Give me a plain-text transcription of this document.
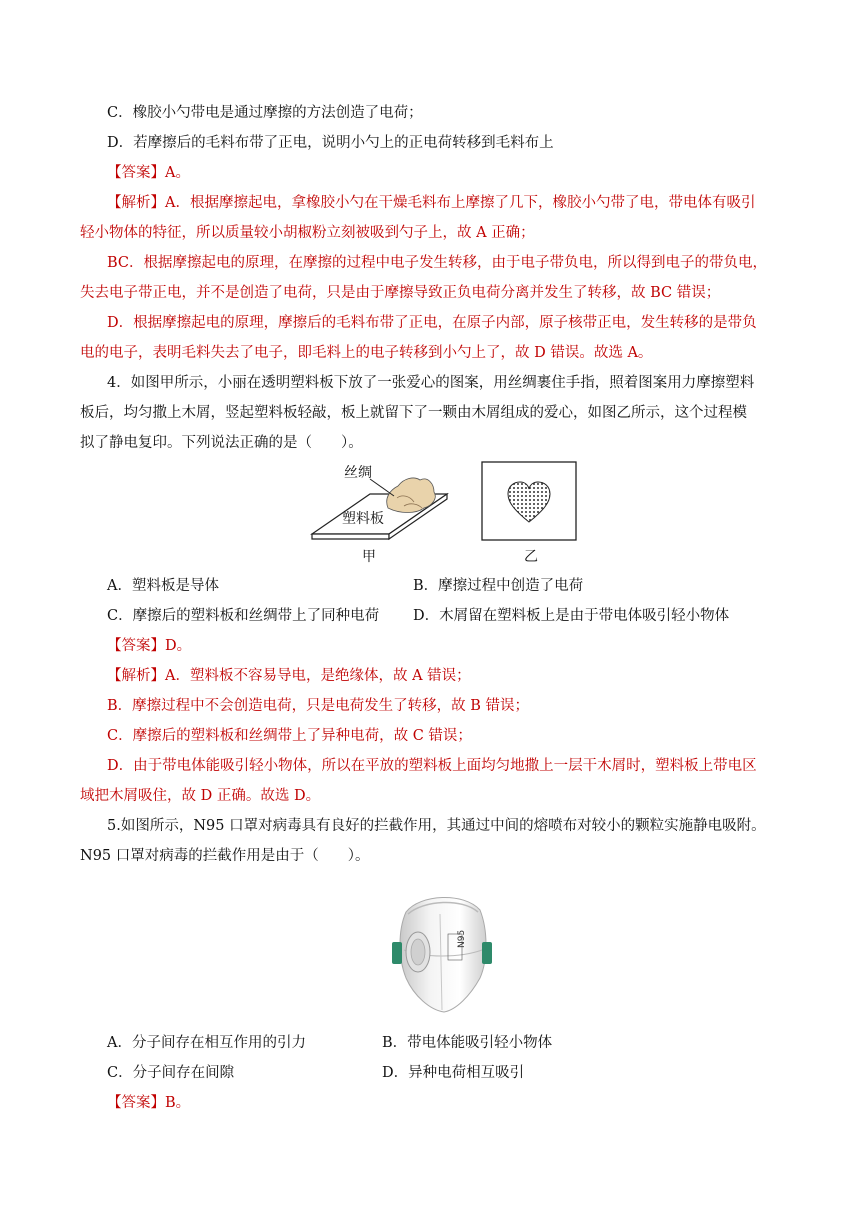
C．橡胶小勺带电是通过摩擦的方法创造了电荷；
D．若摩擦后的毛料布带了正电，说明小勺上的正电荷转移到毛料布上
【答案】A。
【解析】A．根据摩擦起电，拿橡胶小勺在干燥毛料布上摩擦了几下，橡胶小勺带了电，带电体有吸引
轻小物体的特征，所以质量较小胡椒粉立刻被吸到勺子上，故 A 正确；
BC．根据摩擦起电的原理，在摩擦的过程中电子发生转移，由于电子带负电，所以得到电子的带负电，
失去电子带正电，并不是创造了电荷，只是由于摩擦导致正负电荷分离并发生了转移，故 BC 错误；
D．根据摩擦起电的原理，摩擦后的毛料布带了正电，在原子内部，原子核带正电，发生转移的是带负
电的电子，表明毛料失去了电子，即毛料上的电子转移到小勺上了，故 D 错误。故选 A。
4．如图甲所示，小丽在透明塑料板下放了一张爱心的图案，用丝绸裹住手指，照着图案用力摩擦塑料
板后，均匀撒上木屑，竖起塑料板轻敲，板上就留下了一颗由木屑组成的爱心，如图乙所示，这个过程模
拟了静电复印。下列说法正确的是（　　）。
丝绸
塑料板
甲	乙
A．塑料板是导体	B．摩擦过程中创造了电荷
C．摩擦后的塑料板和丝绸带上了同种电荷 D．木屑留在塑料板上是由于带电体吸引轻小物体
【答案】D。
【解析】A．塑料板不容易导电，是绝缘体，故 A 错误；
B．摩擦过程中不会创造电荷，只是电荷发生了转移，故 B 错误；
C．摩擦后的塑料板和丝绸带上了异种电荷，故 C 错误；
D．由于带电体能吸引轻小物体，所以在平放的塑料板上面均匀地撒上一层干木屑时，塑料板上带电区
域把木屑吸住，故 D 正确。故选 D。
5.如图所示，N95 口罩对病毒具有良好的拦截作用，其通过中间的熔喷布对较小的颗粒实施静电吸附。
N95 口罩对病毒的拦截作用是由于（　　）。
N95
A．分子间存在相互作用的引力	B．带电体能吸引轻小物体
C．分子间存在间隙	D．异种电荷相互吸引
【答案】B。
